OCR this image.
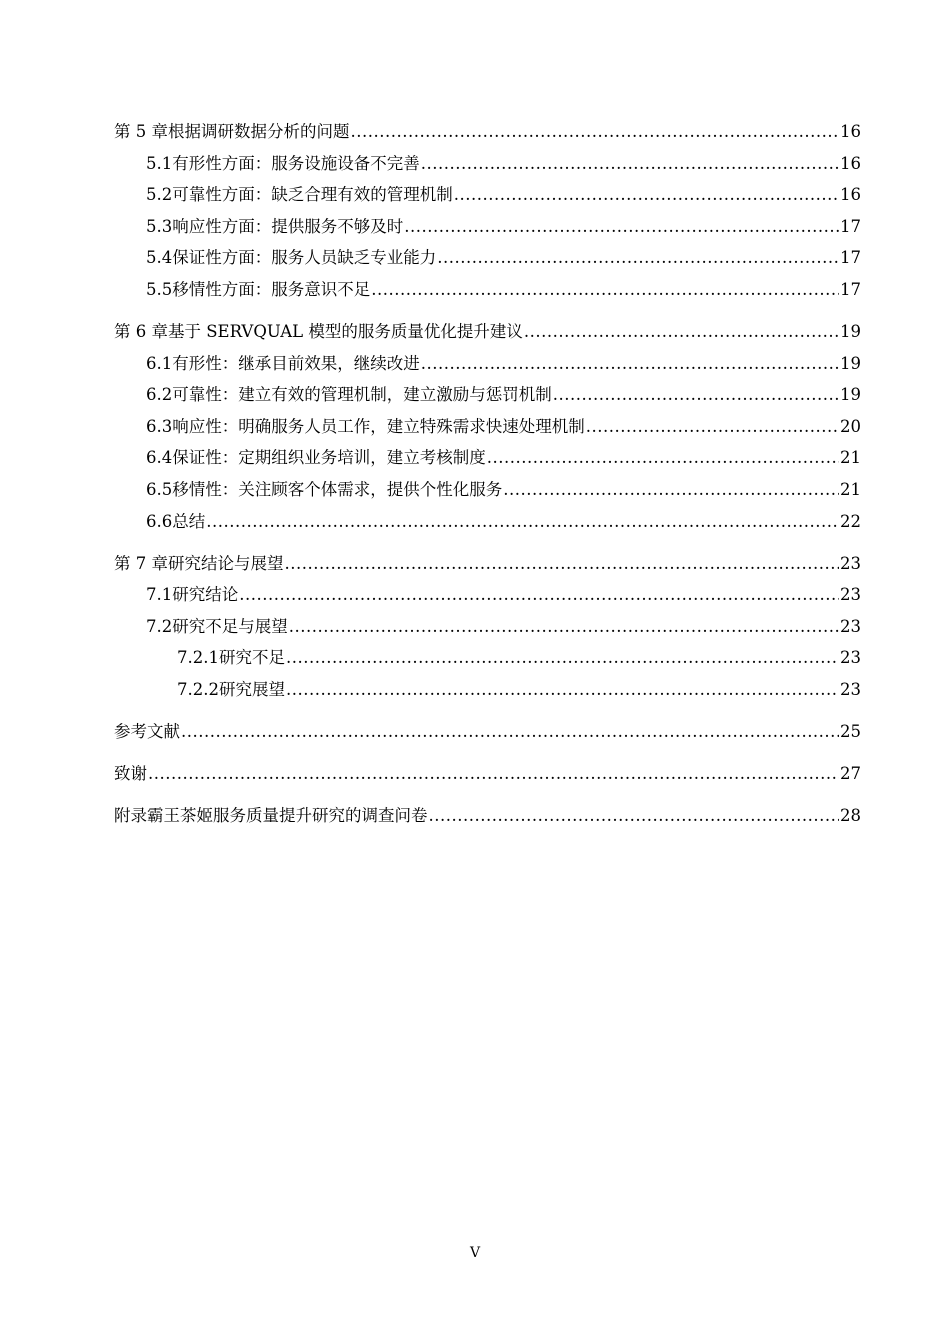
第 5 章 根据调研数据分析的问题 .....	16
5.1 有形性方面：服务设施设备不完善 .....	16
5.2 可靠性方面：缺乏合理有效的管理机制 .....	16
5.3 响应性方面：提供服务不够及时 .....	17
5.4 保证性方面：服务人员缺乏专业能力 .....	17
5.5 移情性方面：服务意识不足 .....	17
第 6 章 基于 SERVQUAL 模型的服务质量优化提升建议 .....	19
6.1 有形性：继承目前效果，继续改进 .....	19
6.2 可靠性：建立有效的管理机制，建立激励与惩罚机制 .....	19
6.3 响应性：明确服务人员工作，建立特殊需求快速处理机制 .....	20
6.4 保证性：定期组织业务培训，建立考核制度 .....	21
6.5 移情性：关注顾客个体需求，提供个性化服务 .....	21
6.6 总结 .....	22
第 7 章 研究结论与展望 .....	23
7.1 研究结论 .....	23
7.2 研究不足与展望 .....	23
7.2.1 研究不足 .....	23
7.2.2 研究展望 .....	23
参考文献 .....	25
致谢 .....	27
附录 霸王茶姬服务质量提升研究的调查问卷 .....	28
V
